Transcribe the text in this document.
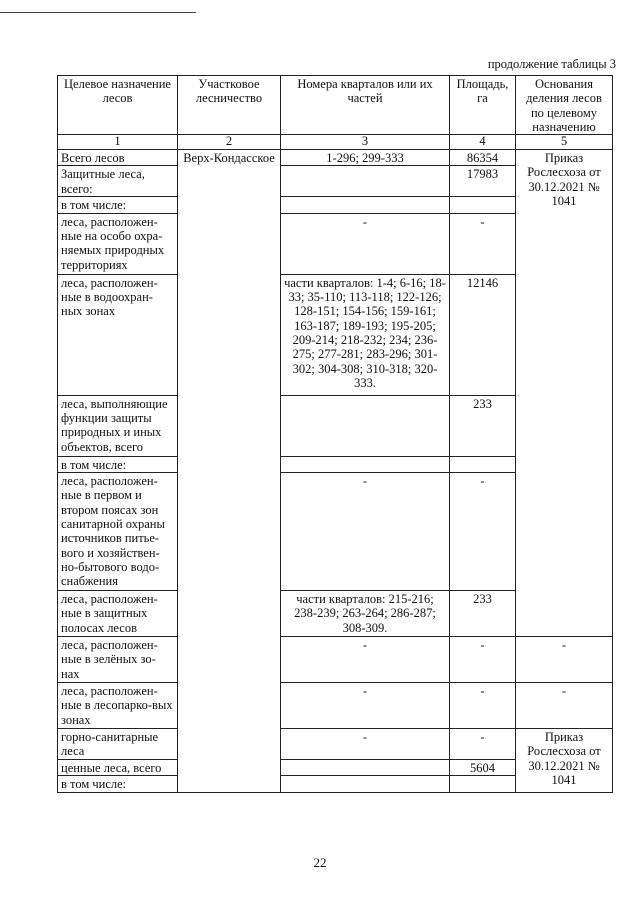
продолжение таблицы 3
Целевое назначение лесов	Участковое лесничество	Номера кварталов или их частей	Площадь, га	Основания деления лесов по целевому назначению
1	2	3	4	5
Всего лесов	Верх-Кондасское	1-296; 299-333	86354	Приказ Рослесхоза от 30.12.2021 № 1041
Защитные леса, всего:			17983	
в том числе:				
леса, расположен-ные на особо охра-няемых природных территориях		-	-	
леса, расположен-ные в водоохран-ных зонах		части кварталов: 1-4; 6-16; 18-33; 35-110; 113-118; 122-126; 128-151; 154-156; 159-161; 163-187; 189-193; 195-205; 209-214; 218-232; 234; 236-275; 277-281; 283-296; 301-302; 304-308; 310-318; 320-333.	12146	
леса, выполняющие функции защиты природных и иных объектов, всего			233	
в том числе:				
леса, расположен-ные в первом и втором поясах зон санитарной охраны источников питье-вого и хозяйствен-но-бытового водо-снабжения		-	-	
леса, расположен-ные в защитных полосах лесов		части кварталов: 215-216; 238-239; 263-264; 286-287; 308-309.	233	
леса, расположен-ные в зелёных зо-нах		-	-	-
леса, расположен-ные в лесопарко-вых зонах		-	-	-
горно-санитарные леса		-	-	Приказ Рослесхоза от 30.12.2021 № 1041
ценные леса, всего			5604	
в том числе:				
22
